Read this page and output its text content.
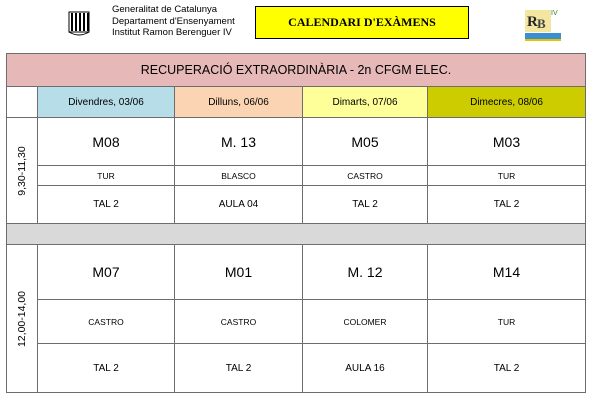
Generalitat de Catalunya
Departament d'Ensenyament
Institut Ramon Berenguer IV
CALENDARI D'EXÀMENS	R B
IV
RECUPERACIÓ EXTRAORDINÀRIA - 2n CFGM ELEC.				
	Divendres, 03/06	Dilluns, 06/06	Dimarts, 07/06	Dimecres, 08/06

9,30-11,30	M08	M. 13	M05	M03
	TUR	BLASCO	CASTRO	TUR
	TAL 2	AULA 04	TAL 2	TAL 2

12,00-14,00	M07	M01	M. 12	M14
	CASTRO	CASTRO	COLOMER	TUR
	TAL 2	TAL 2	AULA 16	TAL 2
